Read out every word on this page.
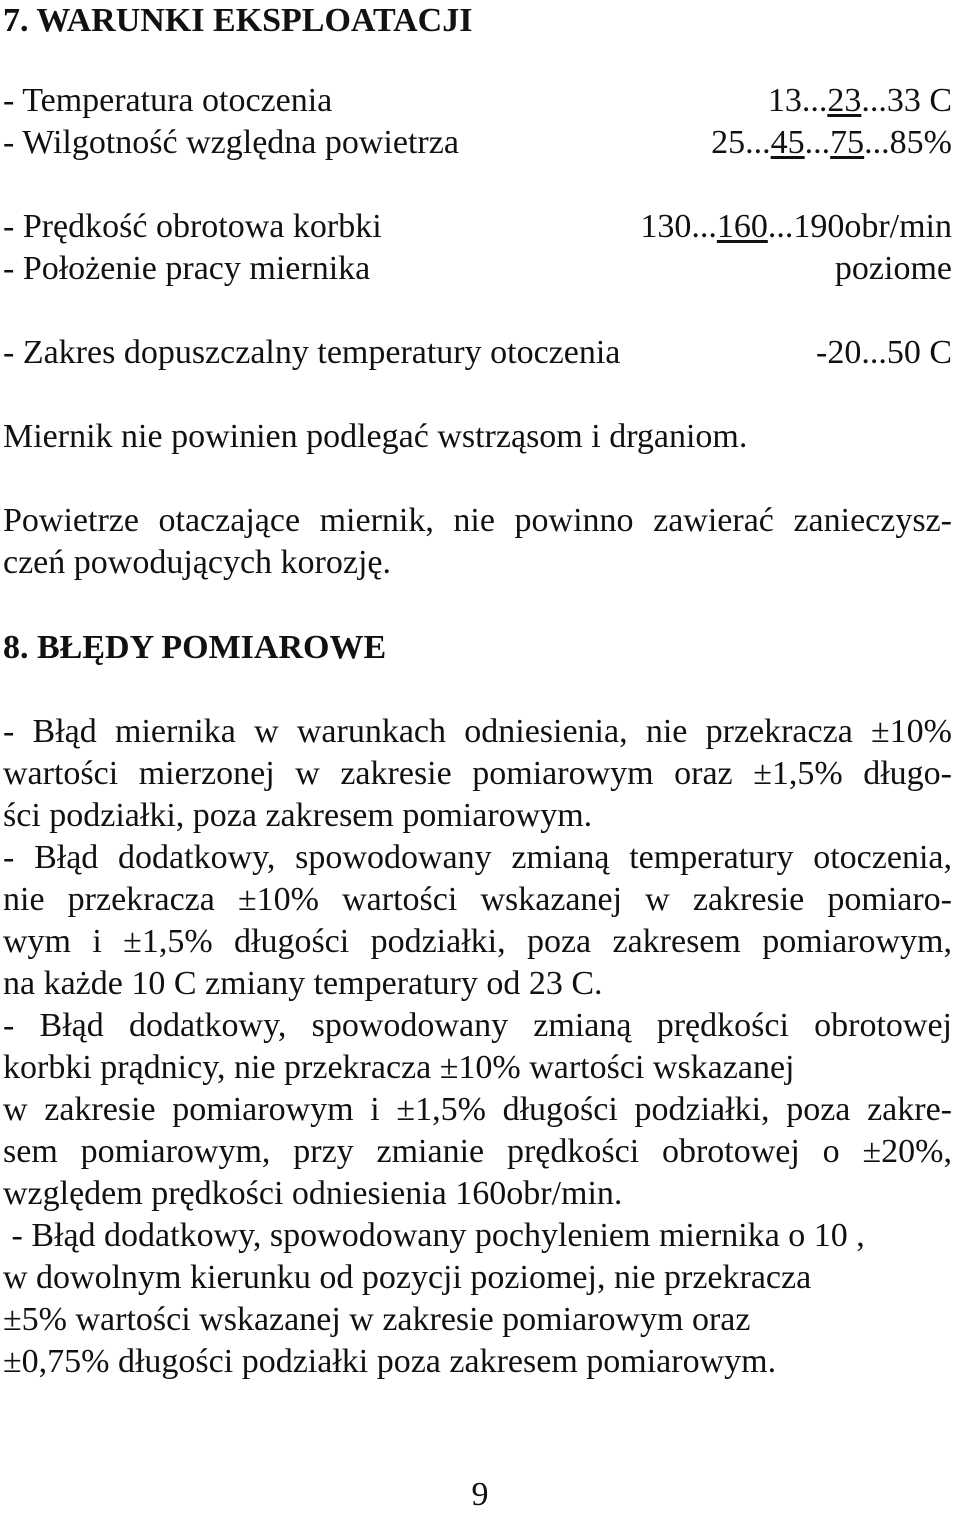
7. WARUNKI EKSPLOATACJI
- Temperatura otoczenia	13...23...33 C
- Wilgotność względna powietrza	25...45...75...85%
- Prędkość obrotowa korbki	130...160...190obr/min
- Położenie pracy miernika	poziome
- Zakres dopuszczalny temperatury otoczenia	-20...50 C
Miernik nie powinien podlegać wstrząsom i drganiom.
Powietrze otaczające miernik, nie powinno zawierać zanieczysz-
czeń powodujących korozję.
8. BŁĘDY POMIAROWE
- Błąd miernika w warunkach odniesienia, nie przekracza ±10%
wartości mierzonej w zakresie pomiarowym oraz ±1,5% długo-
ści podziałki, poza zakresem pomiarowym.
- Błąd dodatkowy, spowodowany zmianą temperatury otoczenia,
nie przekracza ±10% wartości wskazanej w zakresie pomiaro-
wym i ±1,5% długości podziałki, poza zakresem pomiarowym,
na każde 10 C zmiany temperatury od 23 C.
- Błąd dodatkowy, spowodowany zmianą prędkości obrotowej
korbki prądnicy, nie przekracza ±10% wartości wskazanej
w zakresie pomiarowym i ±1,5% długości podziałki, poza zakre-
sem pomiarowym, przy zmianie prędkości obrotowej o ±20%,
względem prędkości odniesienia 160obr/min.
- Błąd dodatkowy, spowodowany pochyleniem miernika o 10 ,
w dowolnym kierunku od pozycji poziomej, nie przekracza
±5% wartości wskazanej w zakresie pomiarowym oraz
±0,75% długości podziałki poza zakresem pomiarowym.
9
